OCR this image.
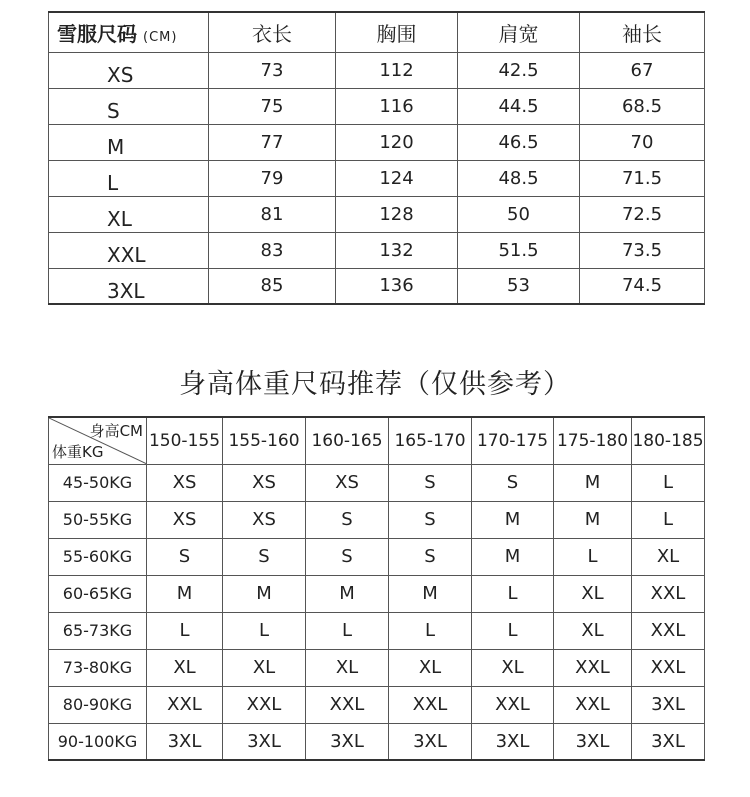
雪服尺码 (CM)	衣长	胸围	肩宽	袖长
XS	73	112	42.5	67
S	75	116	44.5	68.5
M	77	120	46.5	70
L	79	124	48.5	71.5
XL	81	128	50	72.5
XXL	83	132	51.5	73.5
3XL	85	136	53	74.5
身高体重尺码推荐（仅供参考）
身高CM
体重KG	150-155	155-160	160-165	165-170	170-175	175-180	180-185
45-50KG	XS	XS	XS	S	S	M	L
50-55KG	XS	XS	S	S	M	M	L
55-60KG	S	S	S	S	M	L	XL
60-65KG	M	M	M	M	L	XL	XXL
65-73KG	L	L	L	L	L	XL	XXL
73-80KG	XL	XL	XL	XL	XL	XXL	XXL
80-90KG	XXL	XXL	XXL	XXL	XXL	XXL	3XL
90-100KG	3XL	3XL	3XL	3XL	3XL	3XL	3XL
